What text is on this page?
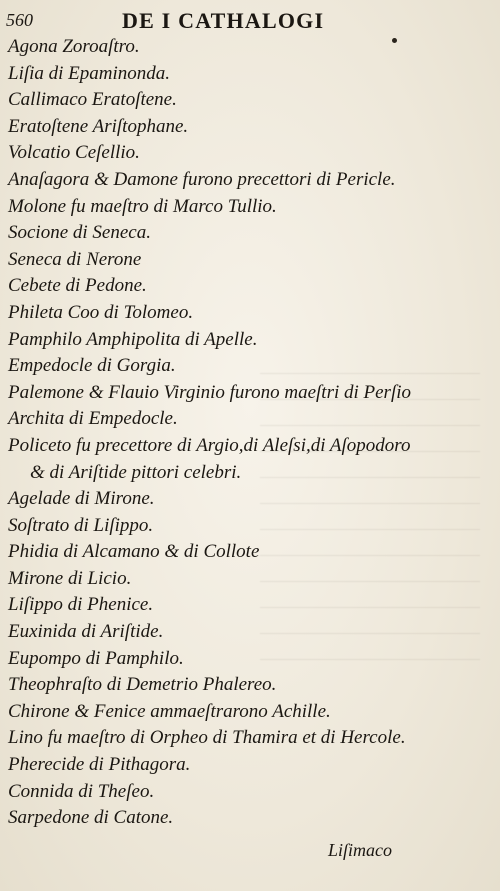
560	DE I CATHALOGI
Agona Zoroaſtro.
Liſia di Epaminonda.
Callimaco Eratoſtene.
Eratoſtene Ariſtophane.
Volcatio Ceſellio.
Anaſagora & Damone furono precettori di Pericle.
Molone fu maeſtro di Marco Tullio.
Socione di Seneca.
Seneca di Nerone
Cebete di Pedone.
Phileta Coo di Tolomeo.
Pamphilo Amphipolita di Apelle.
Empedocle di Gorgia.
Palemone & Flauio Virginio furono maeſtri di Perſio
Archita di Empedocle.
Policeto fu precettore di Argio,di Aleſsi,di Aſopodoro
& di Ariſtide pittori celebri.
Agelade di Mirone.
Soſtrato di Liſippo.
Phidia di Alcamano & di Collote
Mirone di Licio.
Liſippo di Phenice.
Euxinida di Ariſtide.
Eupompo di Pamphilo.
Theophraſto di Demetrio Phalereo.
Chirone & Fenice ammaeſtrarono Achille.
Lino fu maeſtro di Orpheo di Thamira et di Hercole.
Pherecide di Pithagora.
Connida di Theſeo.
Sarpedone di Catone.
Liſimaco
